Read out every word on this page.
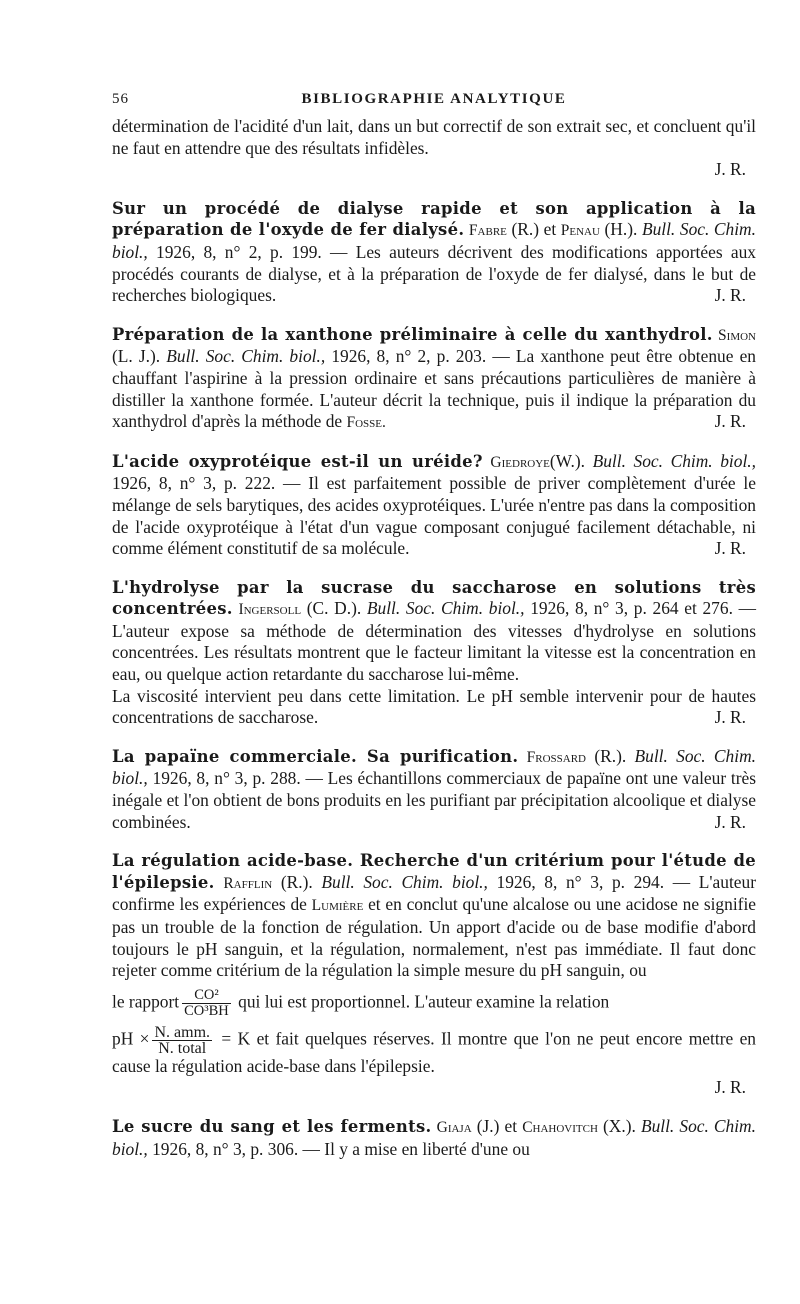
56	BIBLIOGRAPHIE ANALYTIQUE

détermination de l'acidité d'un lait, dans un but correctif de son extrait sec, et concluent qu'il ne faut en attendre que des résultats infidèles.

J. R.

Sur un procédé de dialyse rapide et son application à la préparation de l'oxyde de fer dialysé. Fabre (R.) et Penau (H.). Bull. Soc. Chim. biol., 1926, 8, n° 2, p. 199. — Les auteurs décrivent des modifications apportées aux procédés courants de dialyse, et à la préparation de l'oxyde de fer dialysé, dans le but de recherches biologiques.	J. R.

Préparation de la xanthone préliminaire à celle du xanthydrol. Simon (L. J.). Bull. Soc. Chim. biol., 1926, 8, n° 2, p. 203. — La xanthone peut être obtenue en chauffant l'aspirine à la pression ordinaire et sans précautions particulières de manière à distiller la xanthone formée. L'auteur décrit la technique, puis il indique la préparation du xanthydrol d'après la méthode de Fosse.	J. R.

L'acide oxyprotéique est-il un uréide? Giedroye(W.). Bull. Soc. Chim. biol., 1926, 8, n° 3, p. 222. — Il est parfaitement possible de priver complètement d'urée le mélange de sels barytiques, des acides oxyprotéiques. L'urée n'entre pas dans la composition de l'acide oxyprotéique à l'état d'un vague composant conjugué facilement détachable, ni comme élément constitutif de sa molécule.	J. R.

L'hydrolyse par la sucrase du saccharose en solutions très concentrées. Ingersoll (C. D.). Bull. Soc. Chim. biol., 1926, 8, n° 3, p. 264 et 276. — L'auteur expose sa méthode de détermination des vitesses d'hydrolyse en solutions concentrées. Les résultats montrent que le facteur limitant la vitesse est la concentration en eau, ou quelque action retardante du saccharose lui-même.

La viscosité intervient peu dans cette limitation. Le pH semble intervenir pour de hautes concentrations de saccharose.	J. R.

La papaïne commerciale. Sa purification. Frossard (R.). Bull. Soc. Chim. biol., 1926, 8, n° 3, p. 288. — Les échantillons commerciaux de papaïne ont une valeur très inégale et l'on obtient de bons produits en les purifiant par précipitation alcoolique et dialyse combinées.	J. R.

La régulation acide-base. Recherche d'un critérium pour l'étude de l'épilepsie. Rafflin (R.). Bull. Soc. Chim. biol., 1926, 8, n° 3, p. 294. — L'auteur confirme les expériences de Lumière et en conclut qu'une alcalose ou une acidose ne signifie pas un trouble de la fonction de régulation. Un apport d'acide ou de base modifie d'abord toujours le pH sanguin, et la régulation, normalement, n'est pas immédiate. Il faut donc rejeter comme critérium de la régulation la simple mesure du pH sanguin, ou

le rapport $\frac{\text{CO²}}{\text{CO³BH}}$ qui lui est proportionnel. L'auteur examine la relation

pH × $\frac{\text{N. amm.}}{\text{N. total}} = K$ et fait quelques réserves. Il montre que l'on ne peut encore mettre en cause la régulation acide-base dans l'épilepsie.

J. R.

Le sucre du sang et les ferments. Giaja (J.) et Chahovitch (X.). Bull. Soc. Chim. biol., 1926, 8, n° 3, p. 306. — Il y a mise en liberté d'une ou
